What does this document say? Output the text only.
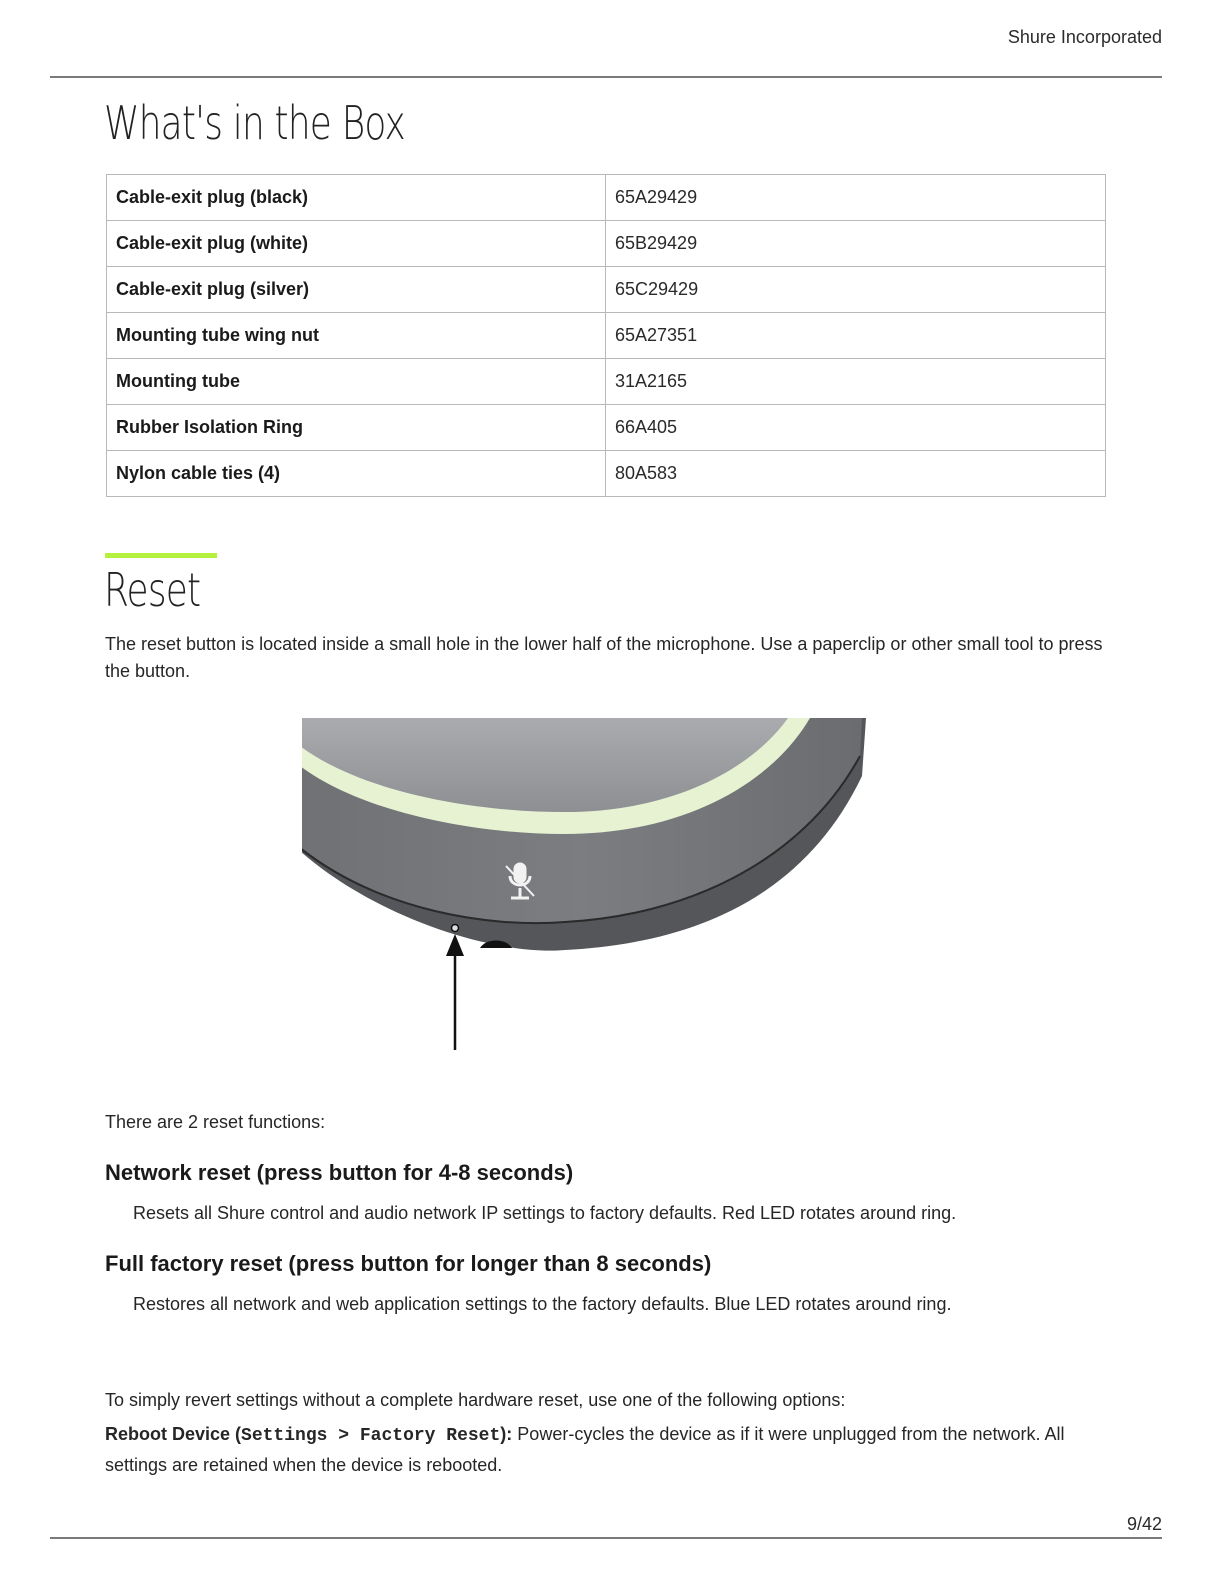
Shure Incorporated
What's in the Box
Cable-exit plug (black)	65A29429
Cable-exit plug (white)	65B29429
Cable-exit plug (silver)	65C29429
Mounting tube wing nut	65A27351
Mounting tube	31A2165
Rubber Isolation Ring	66A405
Nylon cable ties (4)	80A583
Reset

The reset button is located inside a small hole in the lower half of the microphone. Use a paperclip or other small tool to press the button.

There are 2 reset functions:

Network reset (press button for 4-8 seconds)

Resets all Shure control and audio network IP settings to factory defaults. Red LED rotates around ring.

Full factory reset (press button for longer than 8 seconds)

Restores all network and web application settings to the factory defaults. Blue LED rotates around ring.

To simply revert settings without a complete hardware reset, use one of the following options:

Reboot Device (Settings > Factory Reset): Power-cycles the device as if it were unplugged from the network. All settings are retained when the device is rebooted.

9/42
